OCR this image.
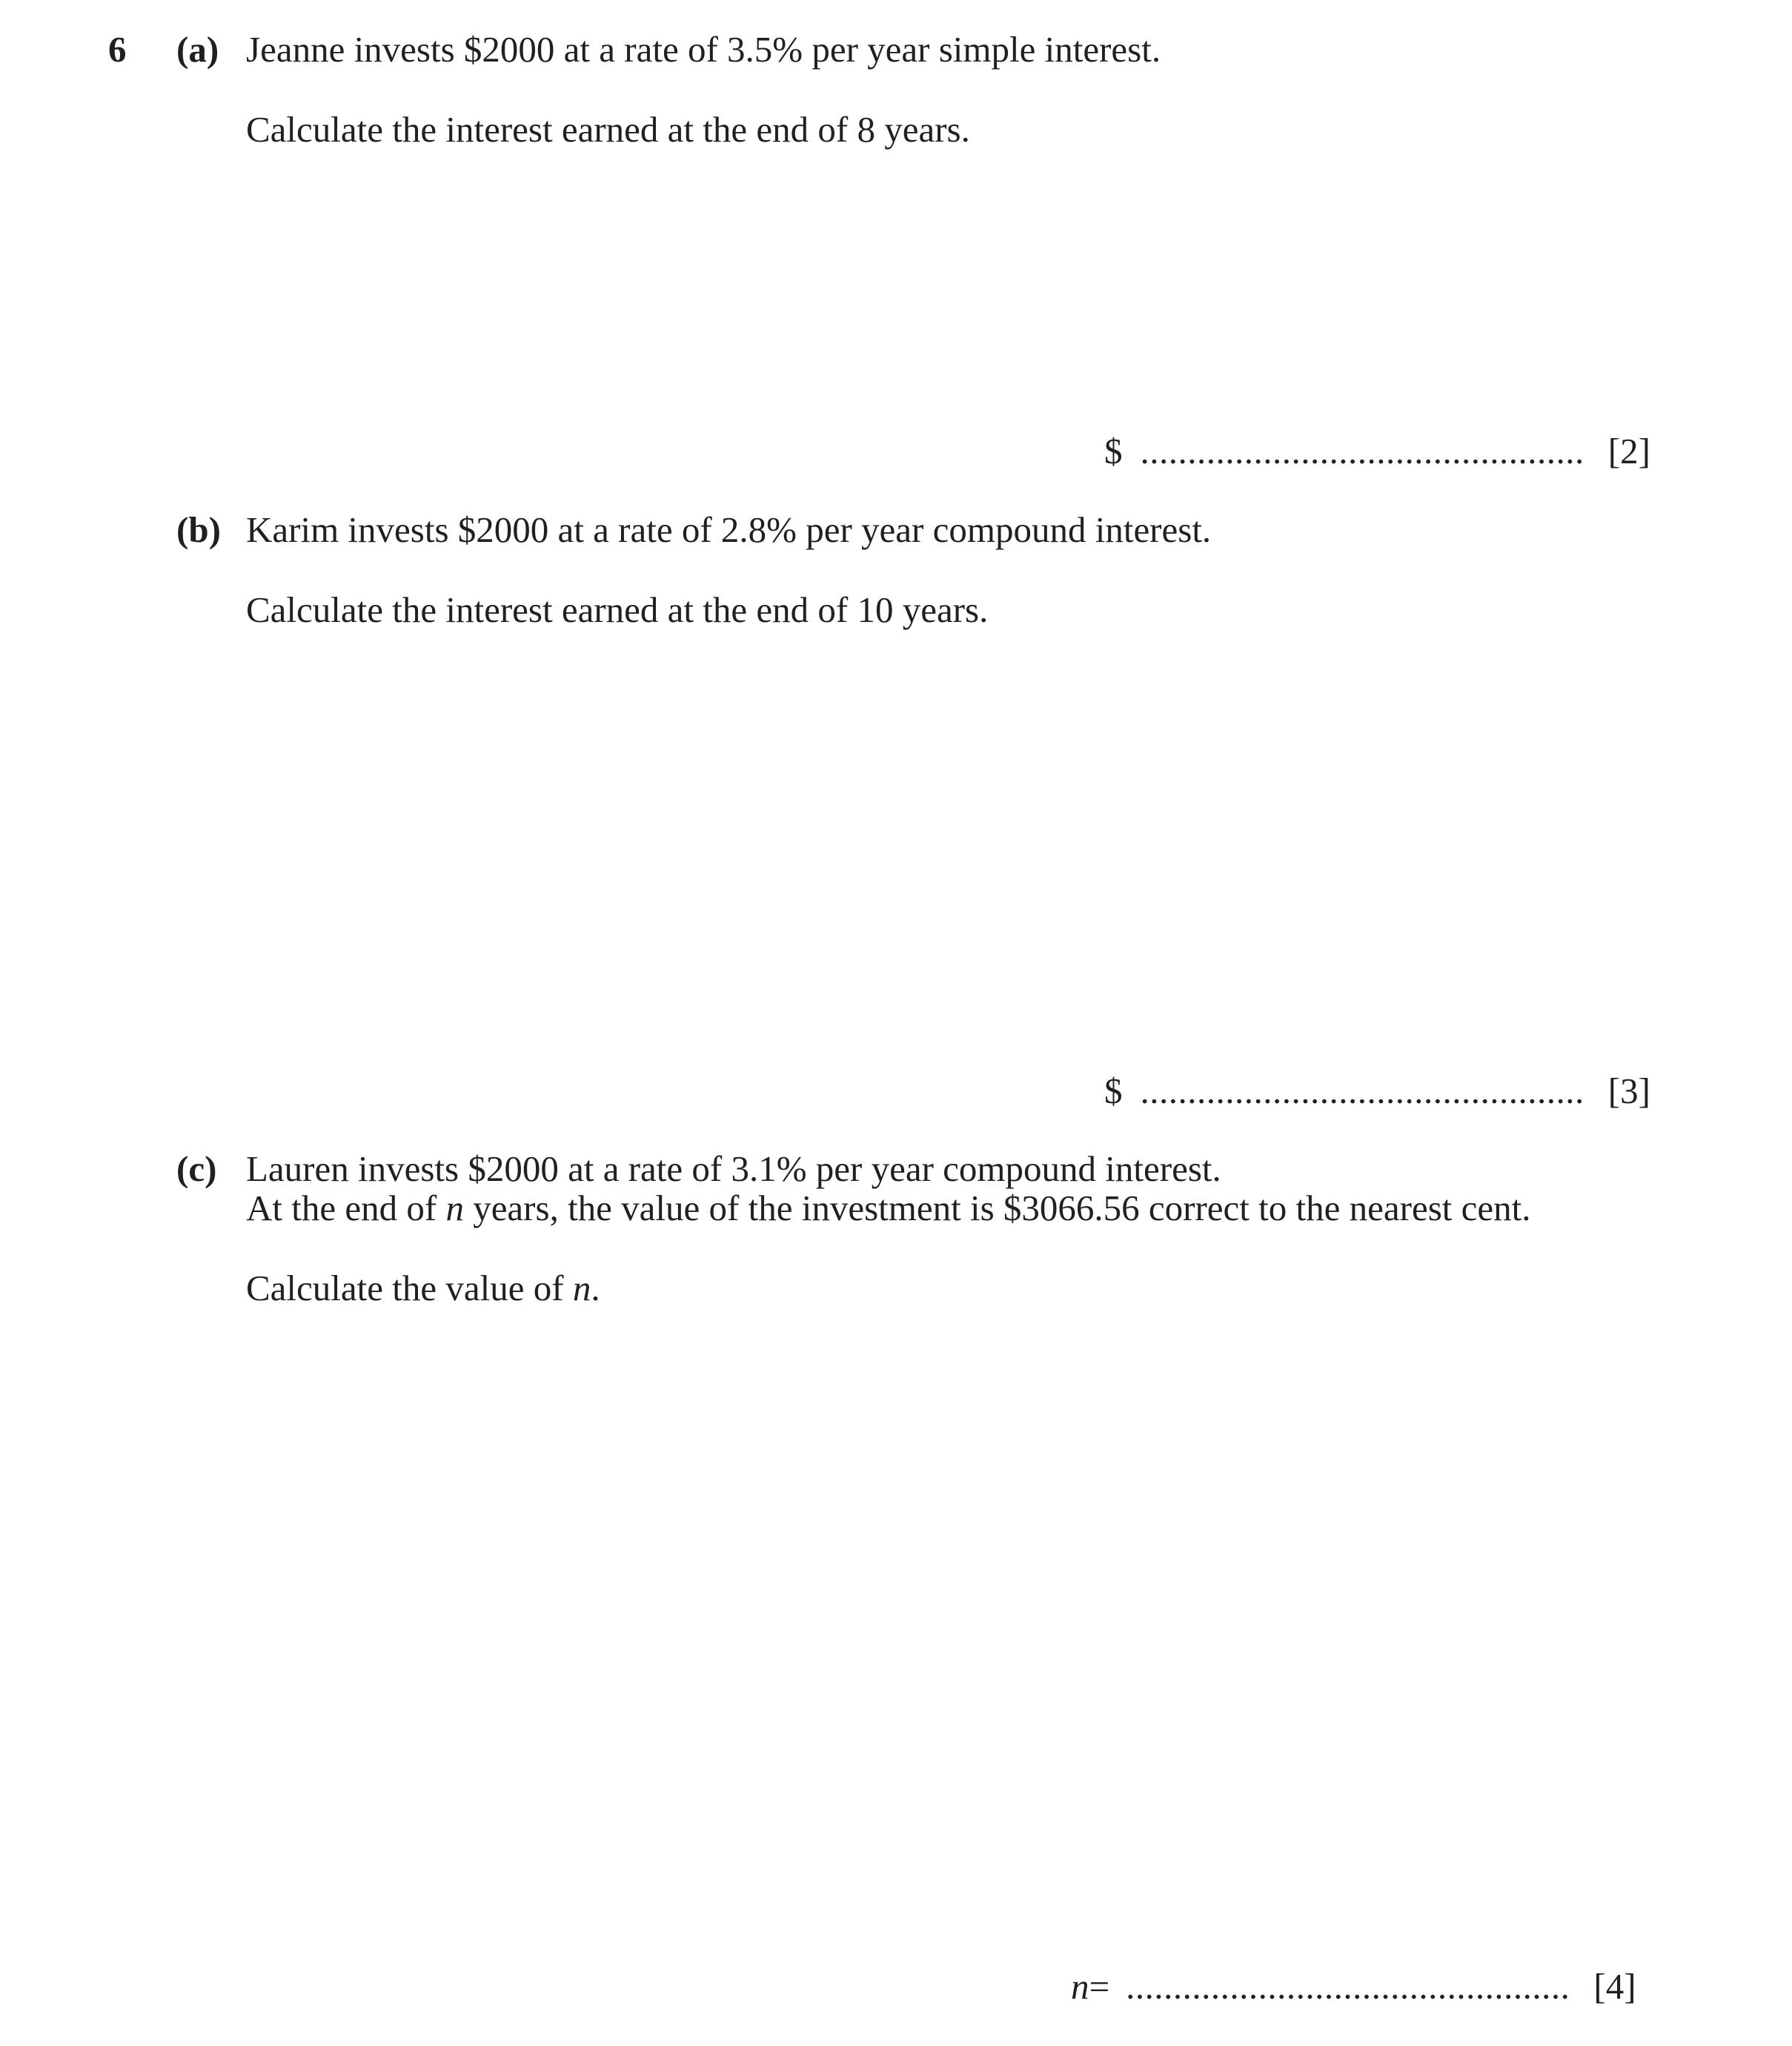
6 (a) Jeanne invests $2000 at a rate of 3.5% per year simple interest.
Calculate the interest earned at the end of 8 years.
$ ............................................... [2]
(b) Karim invests $2000 at a rate of 2.8% per year compound interest.
Calculate the interest earned at the end of 10 years.
$ ............................................... [3]
(c) Lauren invests $2000 at a rate of 3.1% per year compound interest.
At the end of n years, the value of the investment is $3066.56 correct to the nearest cent.
Calculate the value of n.
n = ............................................... [4]
